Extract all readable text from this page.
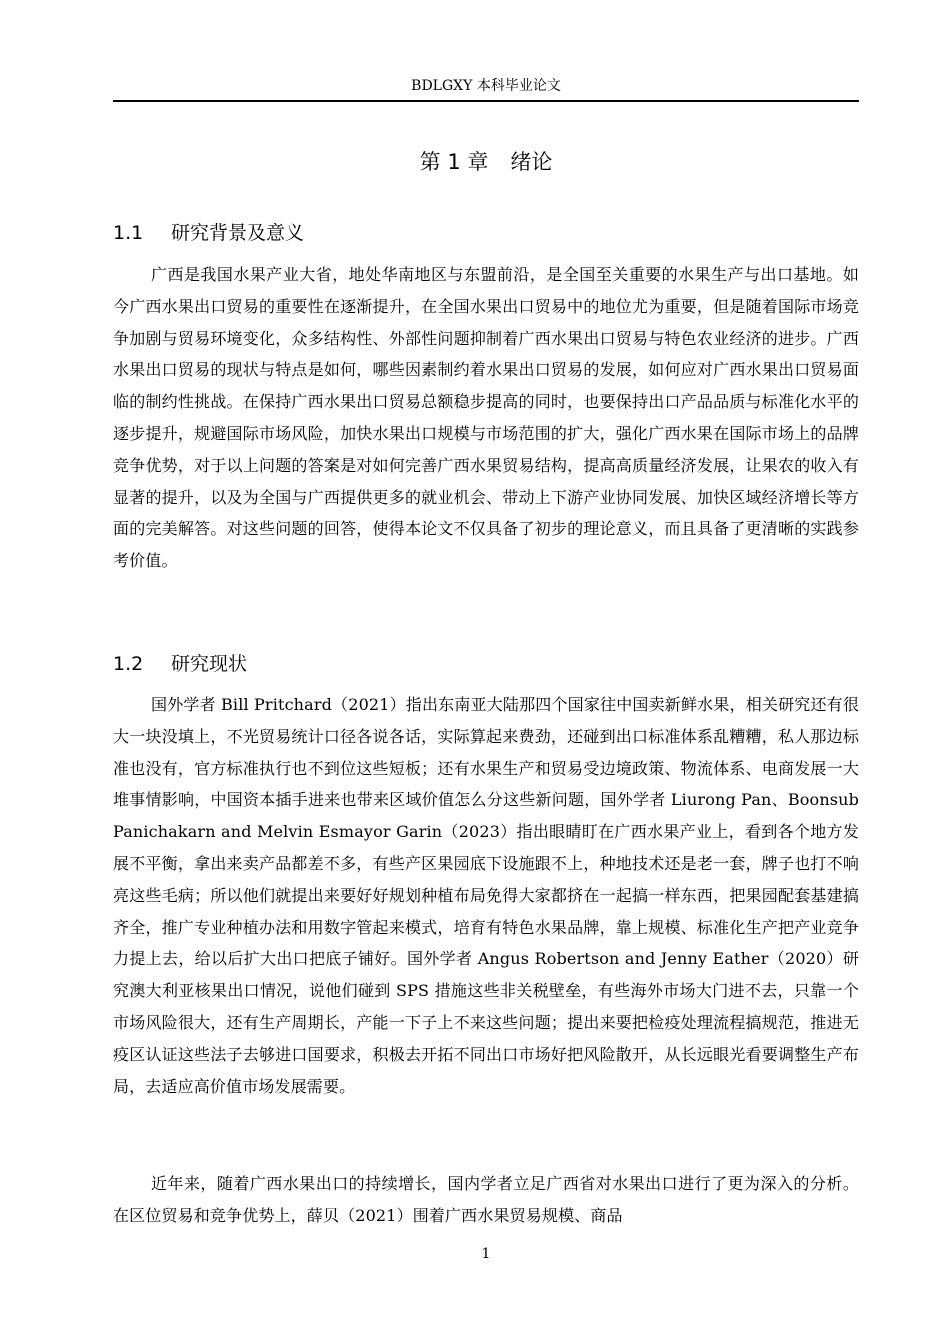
BDLGXY 本科毕业论文
第 1 章 绪论
1.1 研究背景及意义

广西是我国水果产业大省，地处华南地区与东盟前沿，是全国至关重要的水果生产与出口基地。如今广西水果出口贸易的重要性在逐渐提升，在全国水果出口贸易中的地位尤为重要，但是随着国际市场竞争加剧与贸易环境变化，众多结构性、外部性问题抑制着广西水果出口贸易与特色农业经济的进步。广西水果出口贸易的现状与特点是如何，哪些因素制约着水果出口贸易的发展，如何应对广西水果出口贸易面临的制约性挑战。在保持广西水果出口贸易总额稳步提高的同时，也要保持出口产品品质与标准化水平的逐步提升，规避国际市场风险，加快水果出口规模与市场范围的扩大，强化广西水果在国际市场上的品牌竞争优势，对于以上问题的答案是对如何完善广西水果贸易结构，提高高质量经济发展，让果农的收入有显著的提升，以及为全国与广西提供更多的就业机会、带动上下游产业协同发展、加快区域经济增长等方面的完美解答。对这些问题的回答，使得本论文不仅具备了初步的理论意义，而且具备了更清晰的实践参考价值。

1.2 研究现状

国外学者 Bill Pritchard（2021）指出东南亚大陆那四个国家往中国卖新鲜水果，相关研究还有很大一块没填上，不光贸易统计口径各说各话，实际算起来费劲，还碰到出口标准体系乱糟糟，私人那边标准也没有，官方标准执行也不到位这些短板；还有水果生产和贸易受边境政策、物流体系、电商发展一大堆事情影响，中国资本插手进来也带来区域价值怎么分这些新问题，国外学者 Liurong Pan、Boonsub Panichakarn and Melvin Esmayor Garin（2023）指出眼睛盯在广西水果产业上，看到各个地方发展不平衡，拿出来卖产品都差不多，有些产区果园底下设施跟不上，种地技术还是老一套，牌子也打不响亮这些毛病；所以他们就提出来要好好规划种植布局免得大家都挤在一起搞一样东西，把果园配套基建搞齐全，推广专业种植办法和用数字管起来模式，培育有特色水果品牌，靠上规模、标准化生产把产业竞争力提上去，给以后扩大出口把底子铺好。国外学者 Angus Robertson and Jenny Eather（2020）研究澳大利亚核果出口情况，说他们碰到 SPS 措施这些非关税壁垒，有些海外市场大门进不去，只靠一个市场风险很大，还有生产周期长，产能一下子上不来这些问题；提出来要把检疫处理流程搞规范，推进无疫区认证这些法子去够进口国要求，积极去开拓不同出口市场好把风险散开，从长远眼光看要调整生产布局，去适应高价值市场发展需要。

近年来，随着广西水果出口的持续增长，国内学者立足广西省对水果出口进行了更为深入的分析。在区位贸易和竞争优势上，薛贝（2021）围着广西水果贸易规模、商品

1
